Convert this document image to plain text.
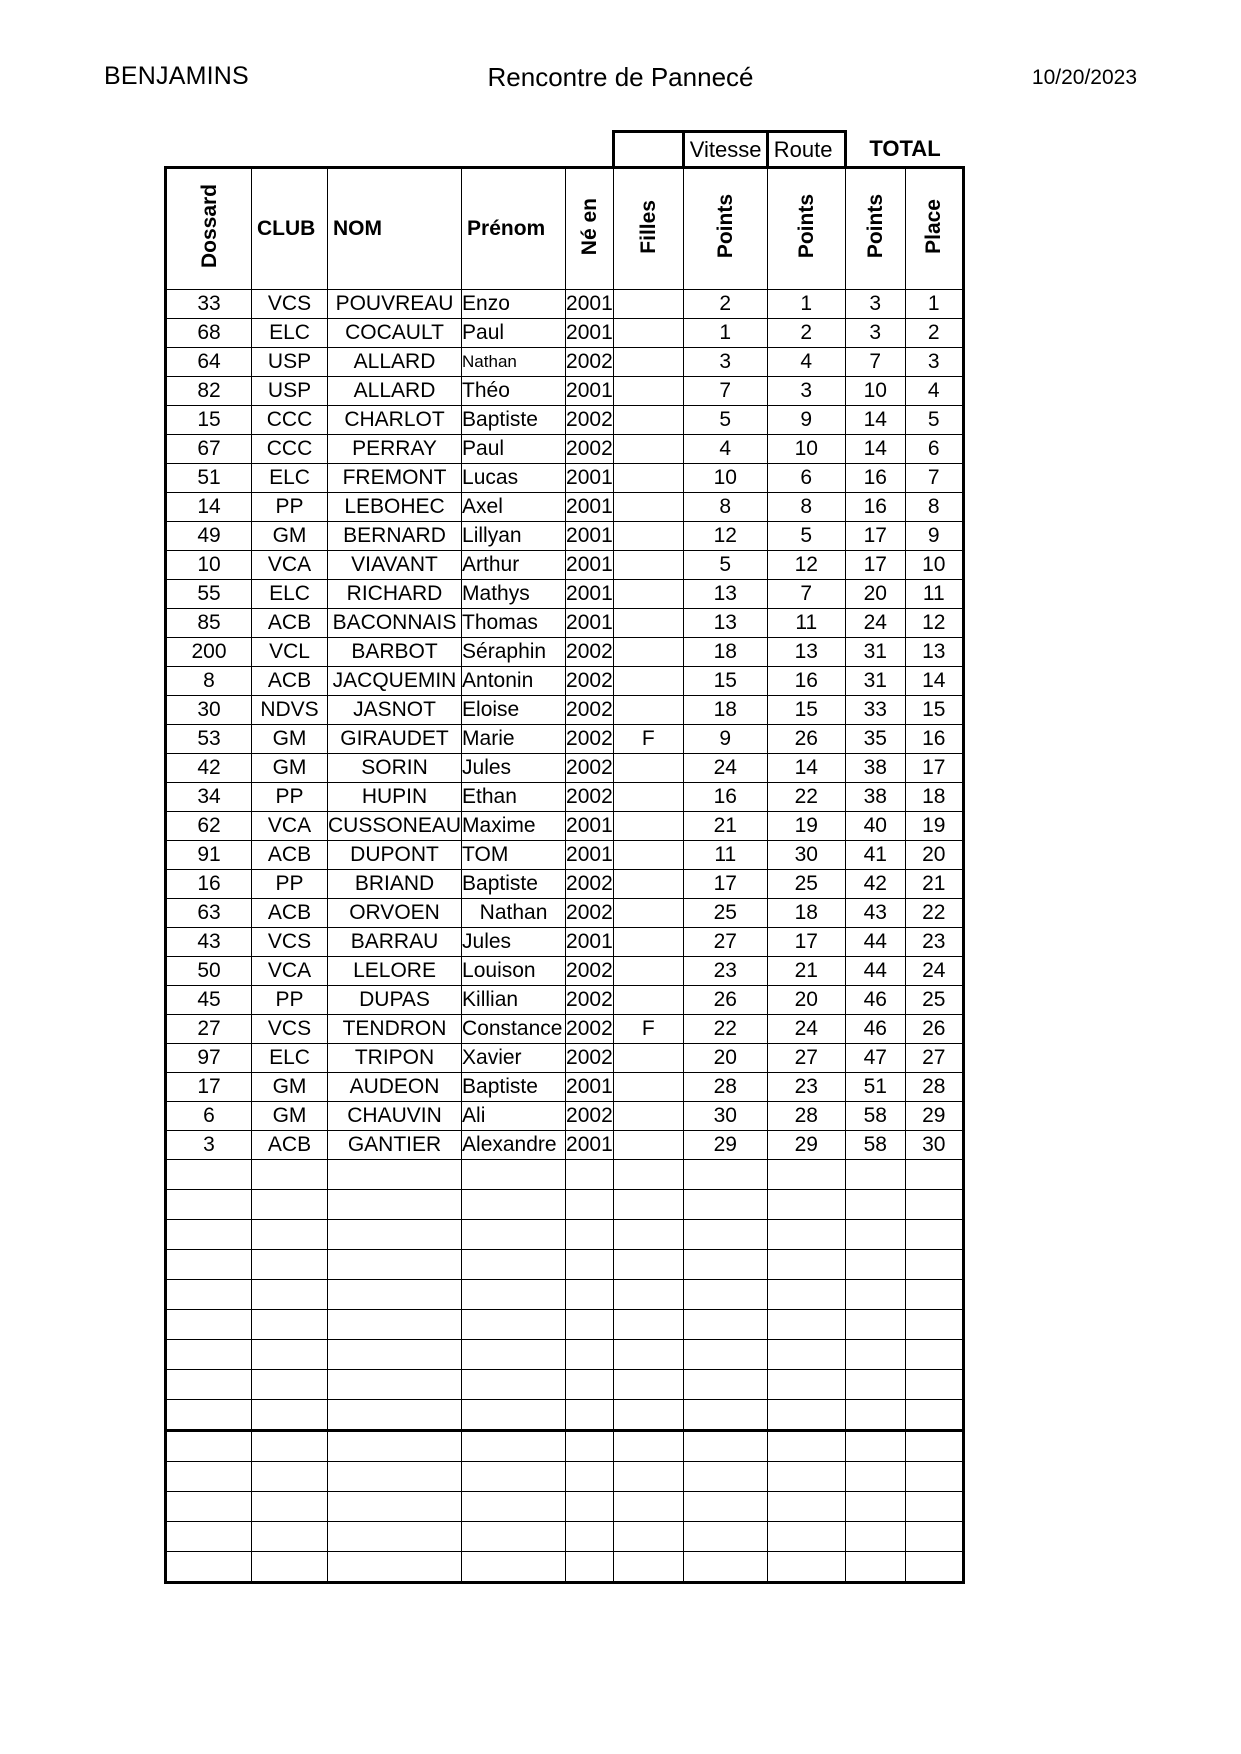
BENJAMINS	Rencontre de Pannecé	10/20/2023
						Vitesse	Route	TOTAL	
Dossard	CLUB	NOM	Prénom	Né en	Filles	Points	Points	Points	Place
33	VCS	POUVREAU	Enzo	2001		2	1	3	1
68	ELC	COCAULT	Paul	2001		1	2	3	2
64	USP	ALLARD	Nathan	2002		3	4	7	3
82	USP	ALLARD	Théo	2001		7	3	10	4
15	CCC	CHARLOT	Baptiste	2002		5	9	14	5
67	CCC	PERRAY	Paul	2002		4	10	14	6
51	ELC	FREMONT	Lucas	2001		10	6	16	7
14	PP	LEBOHEC	Axel	2001		8	8	16	8
49	GM	BERNARD	Lillyan	2001		12	5	17	9
10	VCA	VIAVANT	Arthur	2001		5	12	17	10
55	ELC	RICHARD	Mathys	2001		13	7	20	11
85	ACB	BACONNAIS	Thomas	2001		13	11	24	12
200	VCL	BARBOT	Séraphin	2002		18	13	31	13
8	ACB	JACQUEMIN	Antonin	2002		15	16	31	14
30	NDVS	JASNOT	Eloise	2002		18	15	33	15
53	GM	GIRAUDET	Marie	2002	F	9	26	35	16
42	GM	SORIN	Jules	2002		24	14	38	17
34	PP	HUPIN	Ethan	2002		16	22	38	18
62	VCA	CUSSONEAU	Maxime	2001		21	19	40	19
91	ACB	DUPONT	TOM	2001		11	30	41	20
16	PP	BRIAND	Baptiste	2002		17	25	42	21
63	ACB	ORVOEN	Nathan	2002		25	18	43	22
43	VCS	BARRAU	Jules	2001		27	17	44	23
50	VCA	LELORE	Louison	2002		23	21	44	24
45	PP	DUPAS	Killian	2002		26	20	46	25
27	VCS	TENDRON	Constance	2002	F	22	24	46	26
97	ELC	TRIPON	Xavier	2002		20	27	47	27
17	GM	AUDEON	Baptiste	2001		28	23	51	28
6	GM	CHAUVIN	Ali	2002		30	28	58	29
3	ACB	GANTIER	Alexandre	2001		29	29	58	30
